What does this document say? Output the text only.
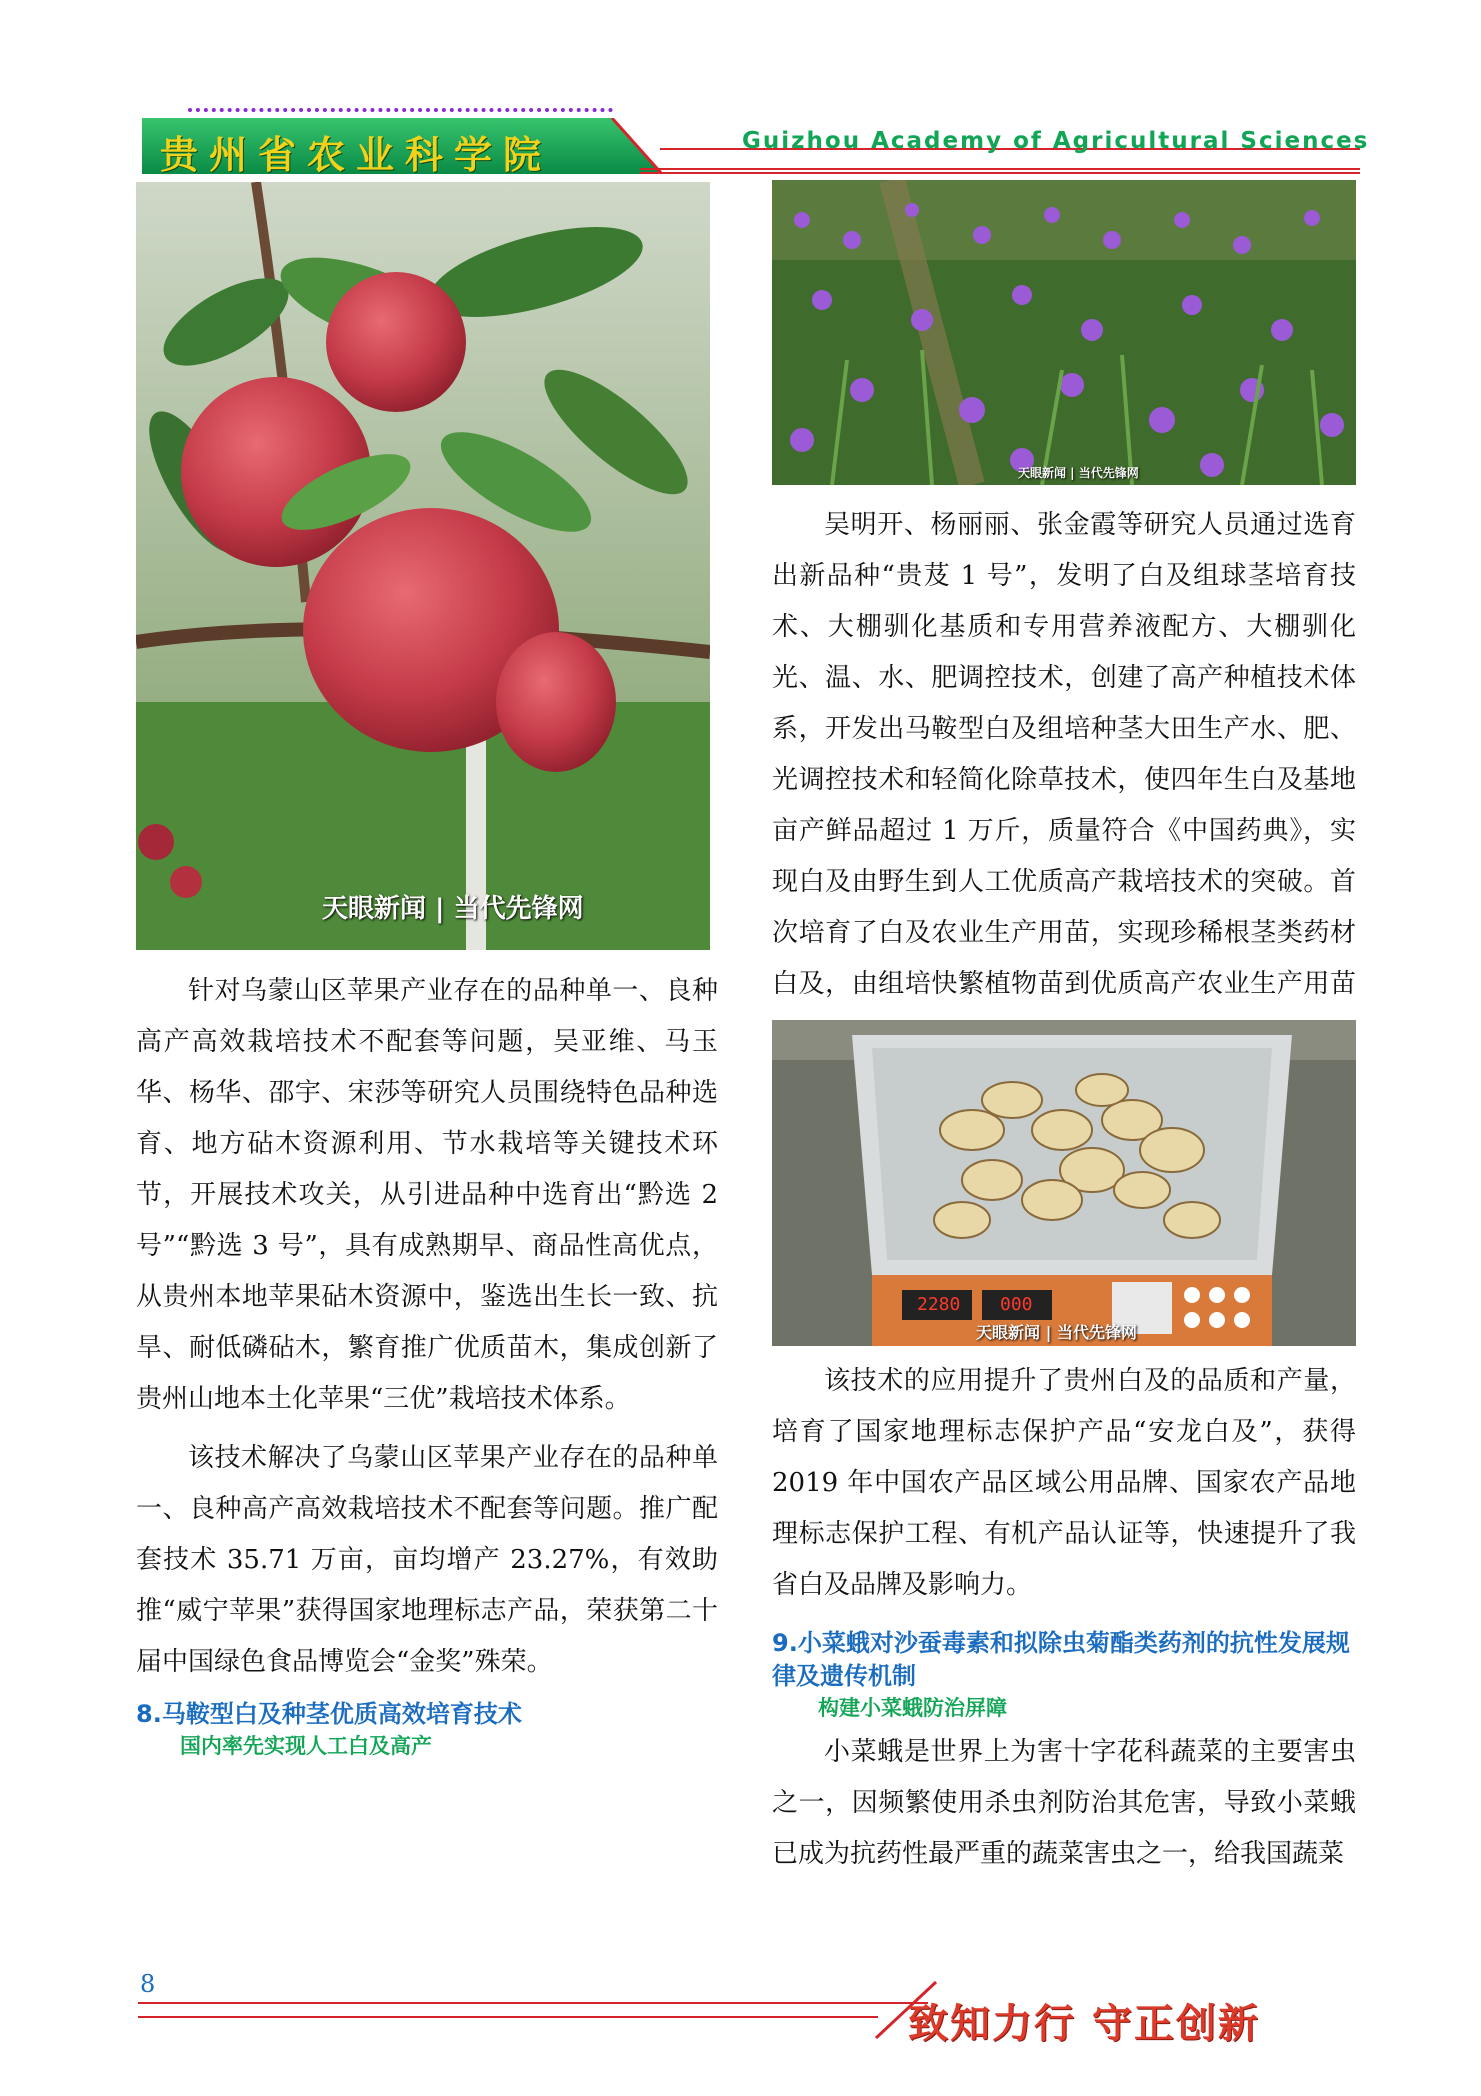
贵州省农业科学院	Guizhou Academy of Agricultural Sciences
天眼新闻 | 当代先锋网
天眼新闻 | 当代先锋网

吴明开、杨丽丽、张金霞等研究人员通过选育出新品种“贵芨 1 号”，发明了白及组球茎培育技术、大棚驯化基质和专用营养液配方、大棚驯化光、温、水、肥调控技术，创建了高产种植技术体系，开发出马鞍型白及组培种茎大田生产水、肥、光调控技术和轻简化除草技术，使四年生白及基地亩产鲜品超过 1 万斤，质量符合《中国药典》，实现白及由野生到人工优质高产栽培技术的突破。首次培育了白及农业生产用苗，实现珍稀根茎类药材白及，由组培快繁植物苗到优质高产农业生产用苗

2280 000
天眼新闻 | 当代先锋网

该技术的应用提升了贵州白及的品质和产量，培育了国家地理标志保护产品“安龙白及”，获得 2019 年中国农产品区域公用品牌、国家农产品地理标志保护工程、有机产品认证等，快速提升了我省白及品牌及影响力。

9.小菜蛾对沙蚕毒素和拟除虫菊酯类药剂的抗性发展规律及遗传机制

构建小菜蛾防治屏障

小菜蛾是世界上为害十字花科蔬菜的主要害虫之一，因频繁使用杀虫剂防治其危害，导致小菜蛾已成为抗药性最严重的蔬菜害虫之一，给我国蔬菜

针对乌蒙山区苹果产业存在的品种单一、良种高产高效栽培技术不配套等问题，吴亚维、马玉华、杨华、邵宇、宋莎等研究人员围绕特色品种选育、地方砧木资源利用、节水栽培等关键技术环节，开展技术攻关，从引进品种中选育出“黔选 2 号”“黔选 3 号”，具有成熟期早、商品性高优点，从贵州本地苹果砧木资源中，鉴选出生长一致、抗旱、耐低磷砧木，繁育推广优质苗木，集成创新了贵州山地本土化苹果“三优”栽培技术体系。

该技术解决了乌蒙山区苹果产业存在的品种单一、良种高产高效栽培技术不配套等问题。推广配套技术 35.71 万亩，亩均增产 23.27%，有效助推“威宁苹果”获得国家地理标志产品，荣获第二十届中国绿色食品博览会“金奖”殊荣。

8.马鞍型白及种茎优质高效培育技术

国内率先实现人工白及高产

8
致知力行 守正创新
